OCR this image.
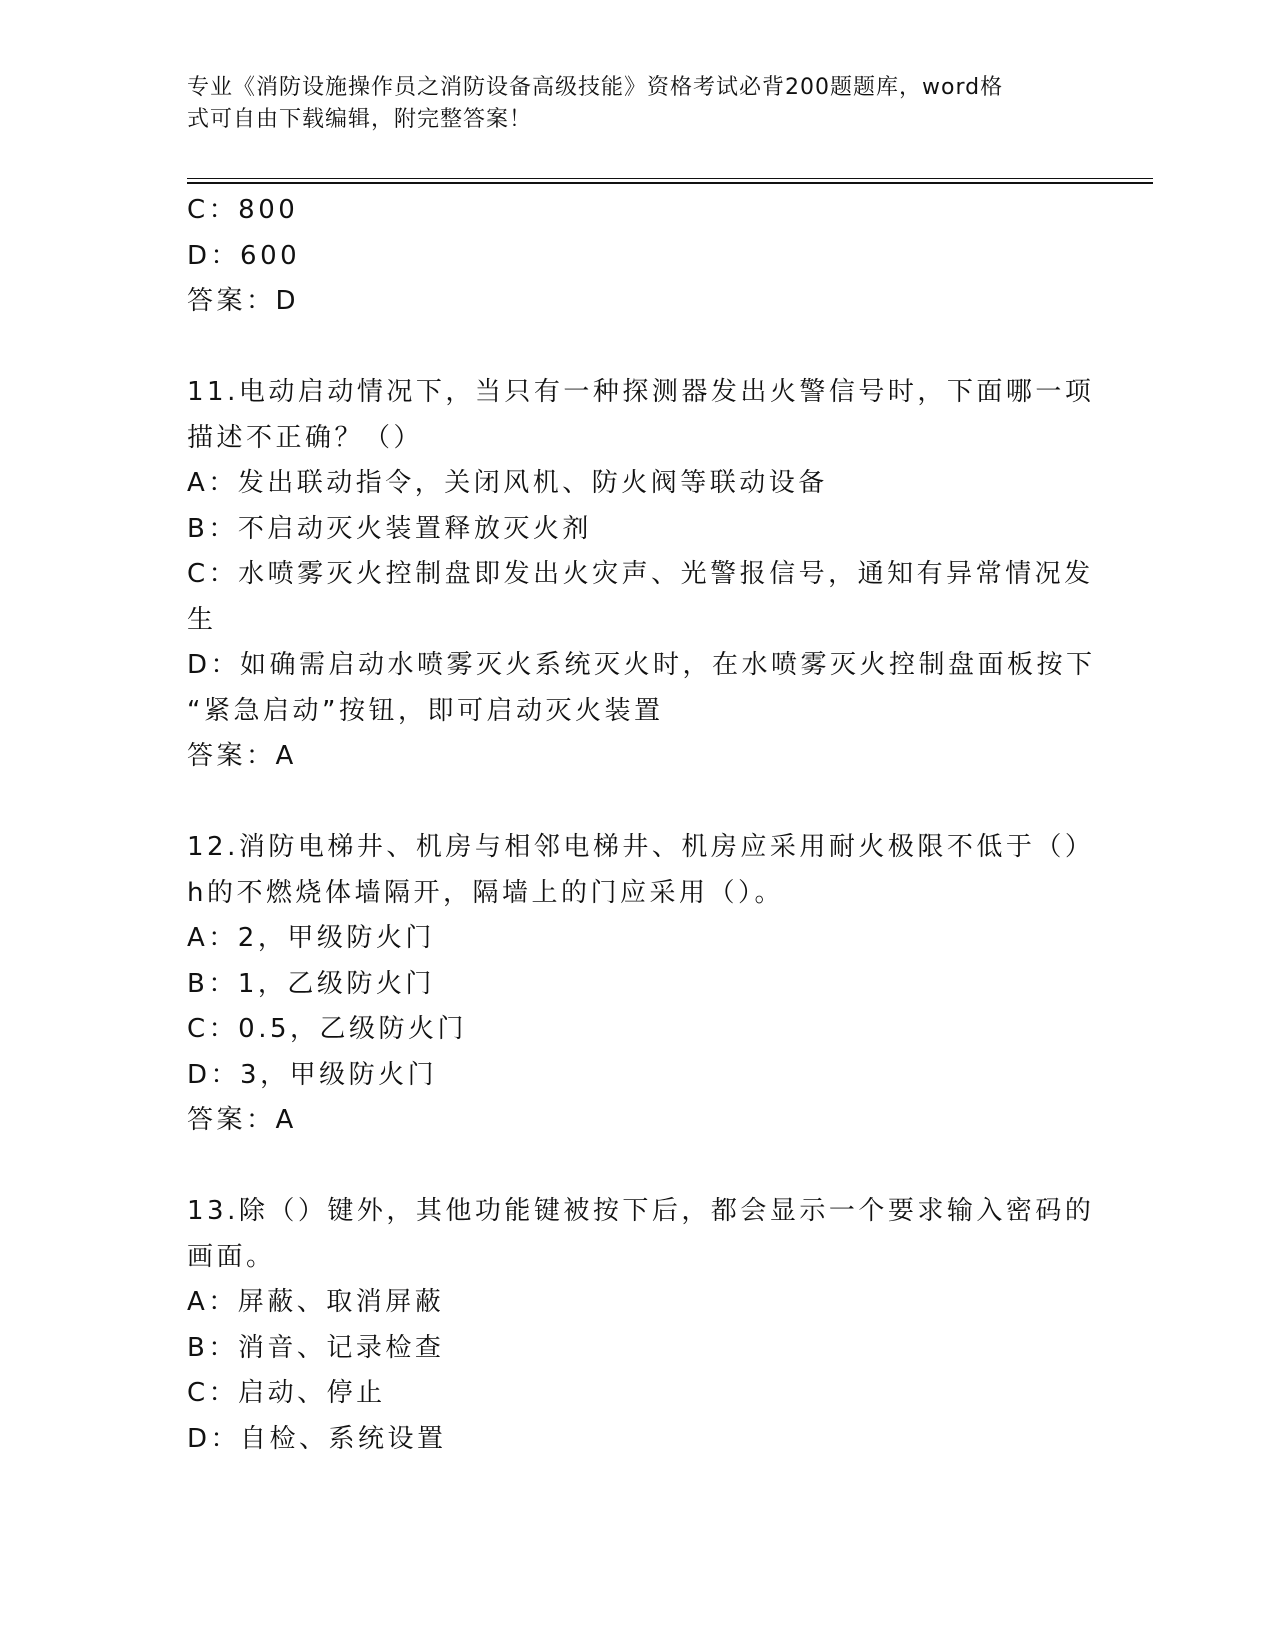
专业《消防设施操作员之消防设备高级技能》资格考试必背200题题库，word格
式可自由下载编辑，附完整答案！
C：800
D：600
答案：D
11.电动启动情况下，当只有一种探测器发出火警信号时，下面哪一项
描述不正确？（）
A：发出联动指令，关闭风机、防火阀等联动设备
B：不启动灭火装置释放灭火剂
C：水喷雾灭火控制盘即发出火灾声、光警报信号，通知有异常情况发
生
D：如确需启动水喷雾灭火系统灭火时，在水喷雾灭火控制盘面板按下
“紧急启动”按钮，即可启动灭火装置
答案：A
12.消防电梯井、机房与相邻电梯井、机房应采用耐火极限不低于（）
h的不燃烧体墙隔开，隔墙上的门应采用（）。
A：2，甲级防火门
B：1，乙级防火门
C：0.5，乙级防火门
D：3，甲级防火门
答案：A
13.除（）键外，其他功能键被按下后，都会显示一个要求输入密码的
画面。
A：屏蔽、取消屏蔽
B：消音、记录检查
C：启动、停止
D：自检、系统设置
